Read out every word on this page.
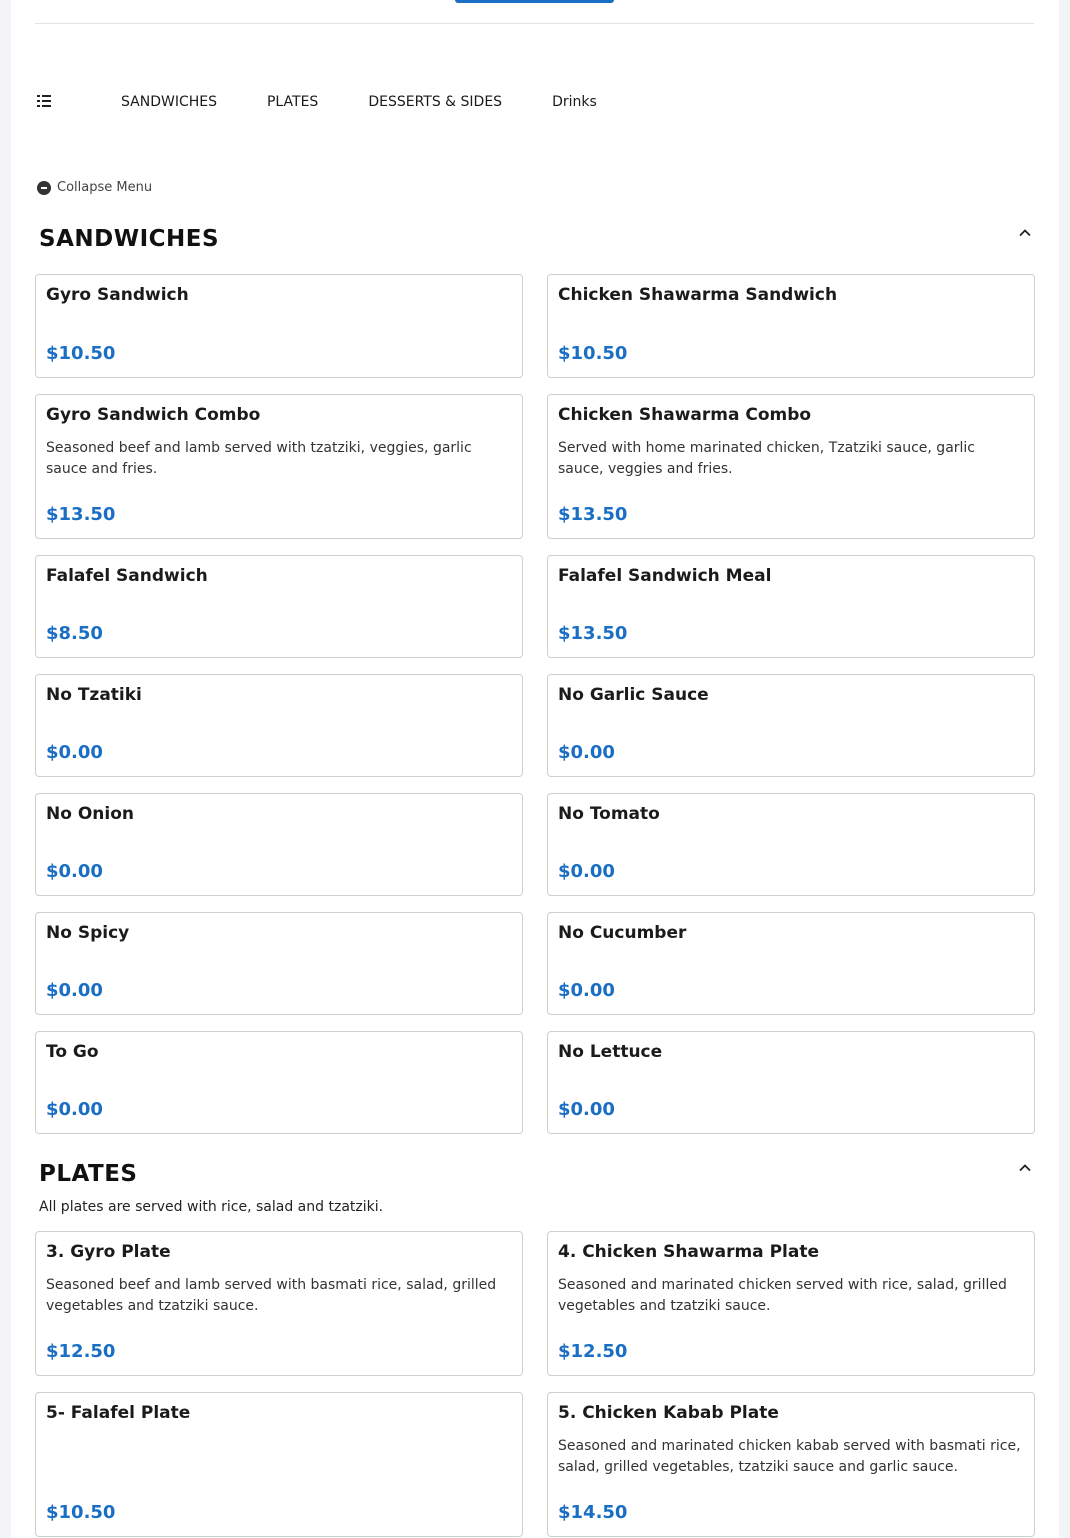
SANDWICHES	PLATES	DESSERTS & SIDES	Drinks
Collapse Menu
SANDWICHES
Gyro Sandwich
$10.50
Chicken Shawarma Sandwich
$10.50
Gyro Sandwich Combo
Seasoned beef and lamb served with tzatziki, veggies, garlic sauce and fries.
$13.50
Chicken Shawarma Combo
Served with home marinated chicken, Tzatziki sauce, garlic sauce, veggies and fries.
$13.50
Falafel Sandwich
$8.50
Falafel Sandwich Meal
$13.50
No Tzatiki
$0.00
No Garlic Sauce
$0.00
No Onion
$0.00
No Tomato
$0.00
No Spicy
$0.00
No Cucumber
$0.00
To Go
$0.00
No Lettuce
$0.00
PLATES
All plates are served with rice, salad and tzatziki.
3. Gyro Plate
Seasoned beef and lamb served with basmati rice, salad, grilled vegetables and tzatziki sauce.
$12.50
4. Chicken Shawarma Plate
Seasoned and marinated chicken served with rice, salad, grilled vegetables and tzatziki sauce.
$12.50
5- Falafel Plate
$10.50
5. Chicken Kabab Plate
Seasoned and marinated chicken kabab served with basmati rice, salad, grilled vegetables, tzatziki sauce and garlic sauce.
$14.50
